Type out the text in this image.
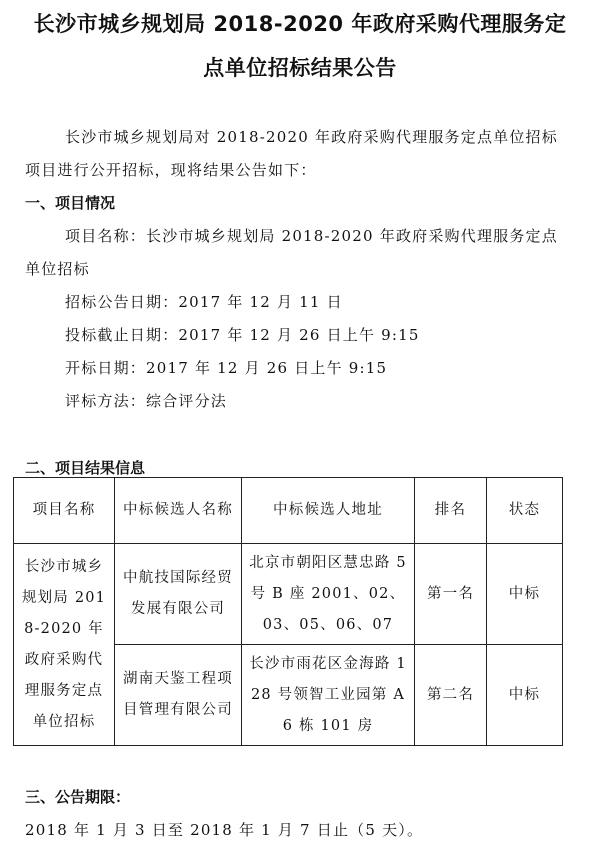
长沙市城乡规划局 2018-2020 年政府采购代理服务定
点单位招标结果公告
长沙市城乡规划局对 2018-2020 年政府采购代理服务定点单位招标
项目进行公开招标，现将结果公告如下：
一、项目情况
项目名称：长沙市城乡规划局 2018-2020 年政府采购代理服务定点
单位招标
招标公告日期：2017 年 12 月 11 日
投标截止日期：2017 年 12 月 26 日上午 9:15
开标日期：2017 年 12 月 26 日上午 9:15
评标方法：综合评分法
二、项目结果信息
项目名称	中标候选人名称	中标候选人地址	排名	状态
长沙市城乡规划局 2018-2020 年政府采购代理服务定点单位招标	中航技国际经贸发展有限公司	北京市朝阳区慧忠路 5 号 B 座 2001、02、03、05、06、07	第一名	中标
	湖南天鉴工程项目管理有限公司	长沙市雨花区金海路 128 号领智工业园第 A6 栋 101 房	第二名	中标
三、公告期限：
2018 年 1 月 3 日至 2018 年 1 月 7 日止（5 天）。
